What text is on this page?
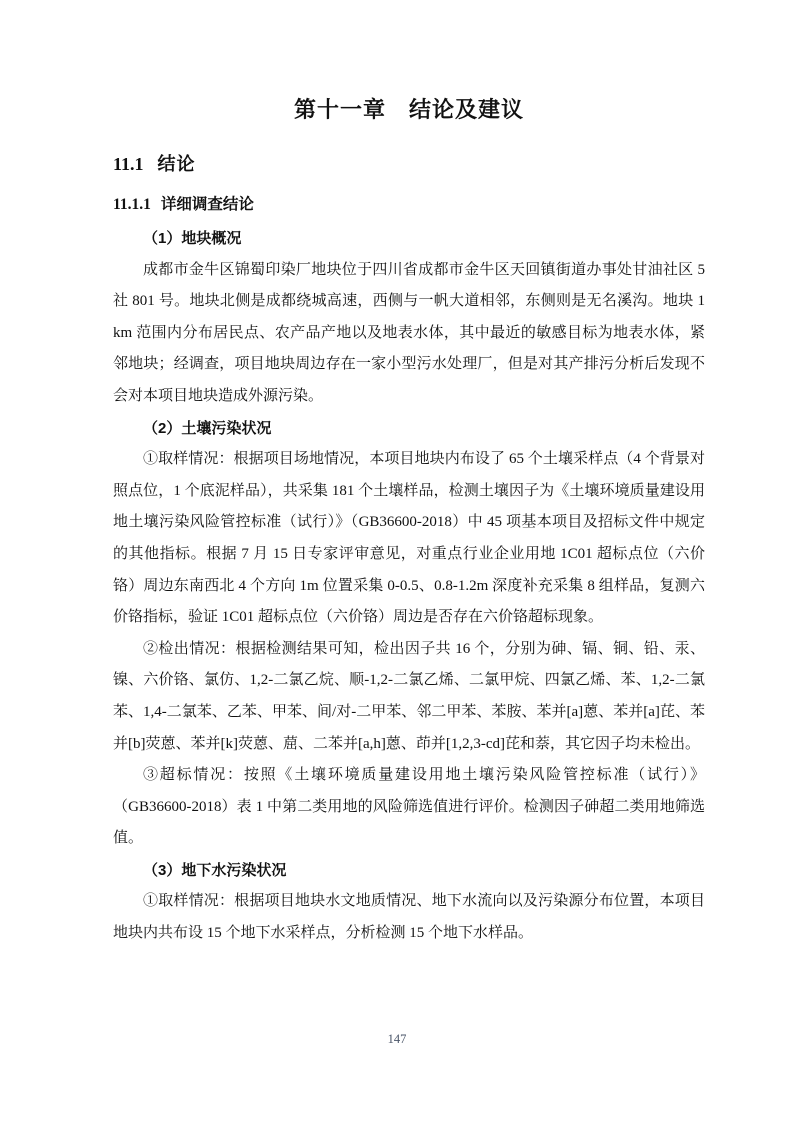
第十一章　结论及建议
11.1 结论
11.1.1 详细调查结论

（1）地块概况

成都市金牛区锦蜀印染厂地块位于四川省成都市金牛区天回镇街道办事处甘油社区 5 社 801 号。地块北侧是成都绕城高速，西侧与一帆大道相邻，东侧则是无名溪沟。地块 1 km 范围内分布居民点、农产品产地以及地表水体，其中最近的敏感目标为地表水体，紧邻地块；经调查，项目地块周边存在一家小型污水处理厂，但是对其产排污分析后发现不会对本项目地块造成外源污染。

（2）土壤污染状况

①取样情况：根据项目场地情况，本项目地块内布设了 65 个土壤采样点（4 个背景对照点位，1 个底泥样品），共采集 181 个土壤样品，检测土壤因子为《土壤环境质量建设用地土壤污染风险管控标准（试行）》（GB36600-2018）中 45 项基本项目及招标文件中规定的其他指标。根据 7 月 15 日专家评审意见，对重点行业企业用地 1C01 超标点位（六价铬）周边东南西北 4 个方向 1m 位置采集 0-0.5、0.8-1.2m 深度补充采集 8 组样品，复测六价铬指标，验证 1C01 超标点位（六价铬）周边是否存在六价铬超标现象。

②检出情况：根据检测结果可知，检出因子共 16 个，分别为砷、镉、铜、铅、汞、镍、六价铬、氯仿、1,2-二氯乙烷、顺-1,2-二氯乙烯、二氯甲烷、四氯乙烯、苯、1,2-二氯苯、1,4-二氯苯、乙苯、甲苯、间/对-二甲苯、邻二甲苯、苯胺、苯并[a]蒽、苯并[a]芘、苯并[b]荧蒽、苯并[k]荧蒽、䓛、二苯并[a,h]蒽、茚并[1,2,3-cd]芘和萘，其它因子均未检出。

③超标情况：按照《土壤环境质量建设用地土壤污染风险管控标准（试行）》（GB36600-2018）表 1 中第二类用地的风险筛选值进行评价。检测因子砷超二类用地筛选值。

（3）地下水污染状况

①取样情况：根据项目地块水文地质情况、地下水流向以及污染源分布位置，本项目地块内共布设 15 个地下水采样点，分析检测 15 个地下水样品。

147
